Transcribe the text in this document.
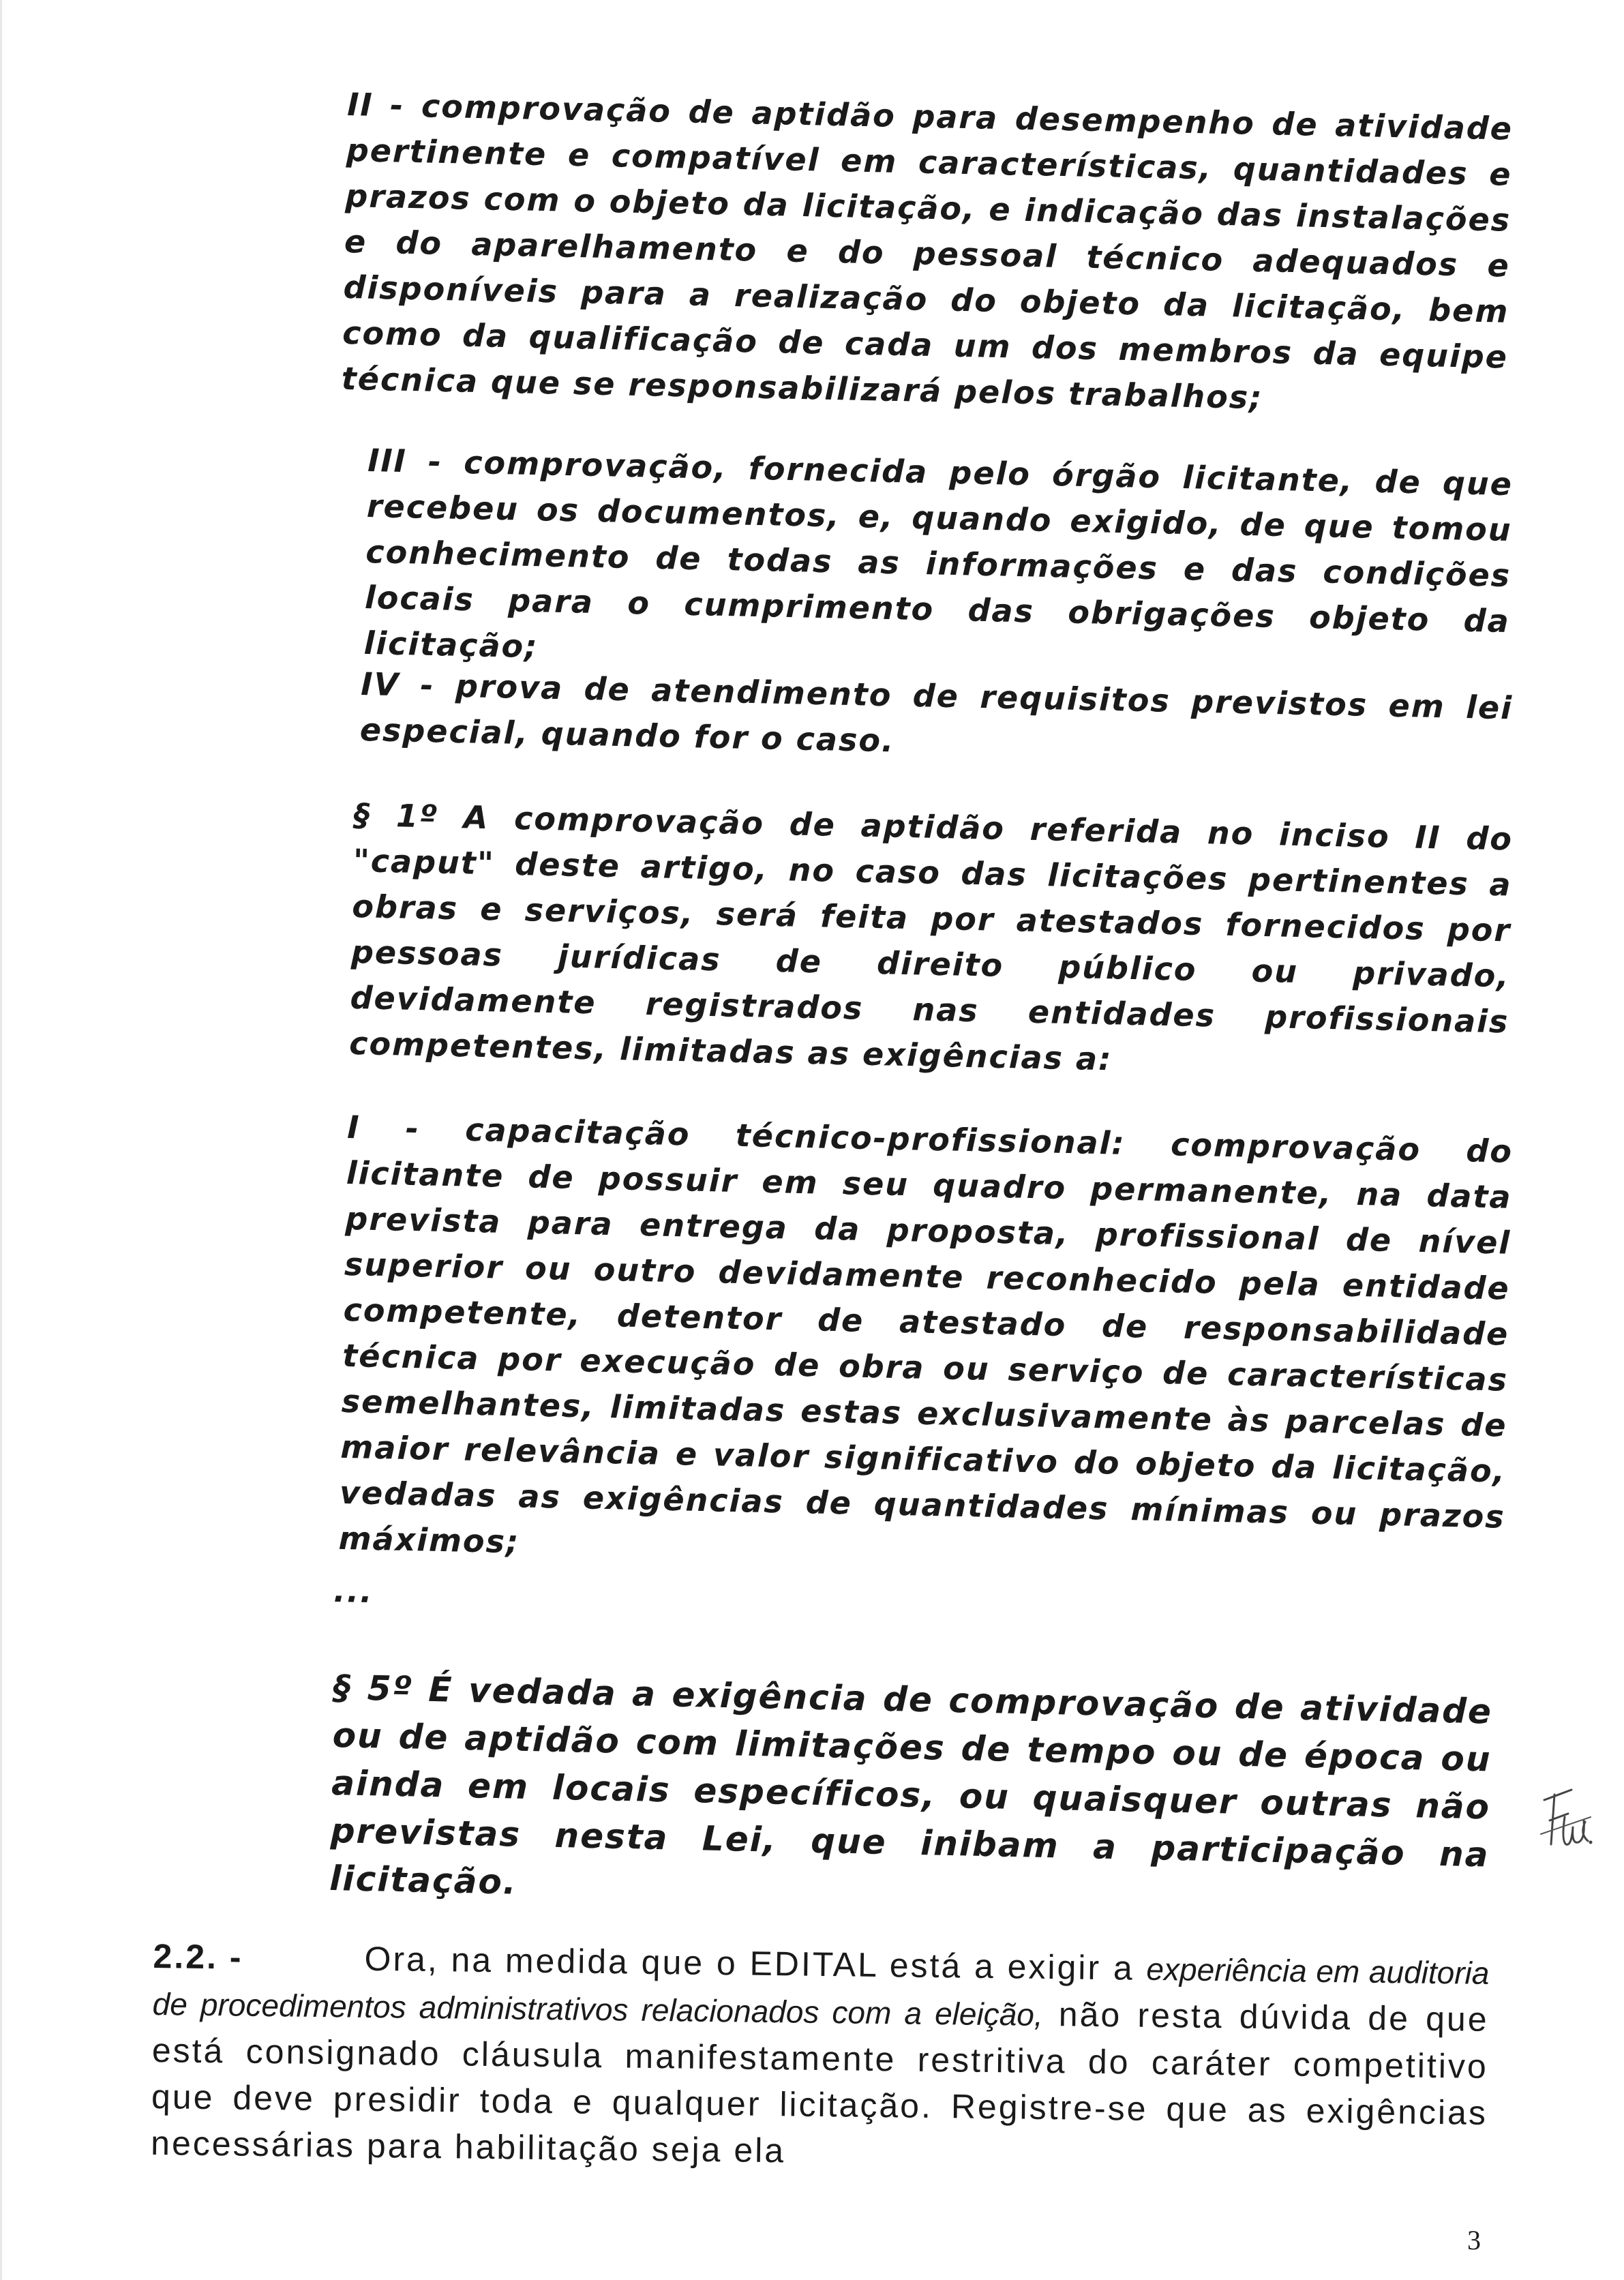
II - comprovação de aptidão para desempenho de atividade pertinente e compatível em características, quantidades e prazos com o objeto da licitação, e indicação das instalações e do aparelhamento e do pessoal técnico adequados e disponíveis para a realização do objeto da licitação, bem como da qualificação de cada um dos membros da equipe técnica que se responsabilizará pelos trabalhos;

III - comprovação, fornecida pelo órgão licitante, de que recebeu os documentos, e, quando exigido, de que tomou conhecimento de todas as informações e das condições locais para o cumprimento das obrigações objeto da licitação;

IV - prova de atendimento de requisitos previstos em lei especial, quando for o caso.

§ 1º A comprovação de aptidão referida no inciso II do "caput" deste artigo, no caso das licitações pertinentes a obras e serviços, será feita por atestados fornecidos por pessoas jurídicas de direito público ou privado, devidamente registrados nas entidades profissionais competentes, limitadas as exigências a:

I - capacitação técnico-profissional: comprovação do licitante de possuir em seu quadro permanente, na data prevista para entrega da proposta, profissional de nível superior ou outro devidamente reconhecido pela entidade competente, detentor de atestado de responsabilidade técnica por execução de obra ou serviço de características semelhantes, limitadas estas exclusivamente às parcelas de maior relevância e valor significativo do objeto da licitação, vedadas as exigências de quantidades mínimas ou prazos máximos;

...

§ 5º É vedada a exigência de comprovação de atividade ou de aptidão com limitações de tempo ou de época ou ainda em locais específicos, ou quaisquer outras não previstas nesta Lei, que inibam a participação na licitação.

2.2. -	Ora, na medida que o EDITAL está a exigir a experiência em auditoria de procedimentos administrativos relacionados com a eleição, não resta dúvida de que está consignado cláusula manifestamente restritiva do caráter competitivo que deve presidir toda e qualquer licitação. Registre-se que as exigências necessárias para habilitação seja ela
3
